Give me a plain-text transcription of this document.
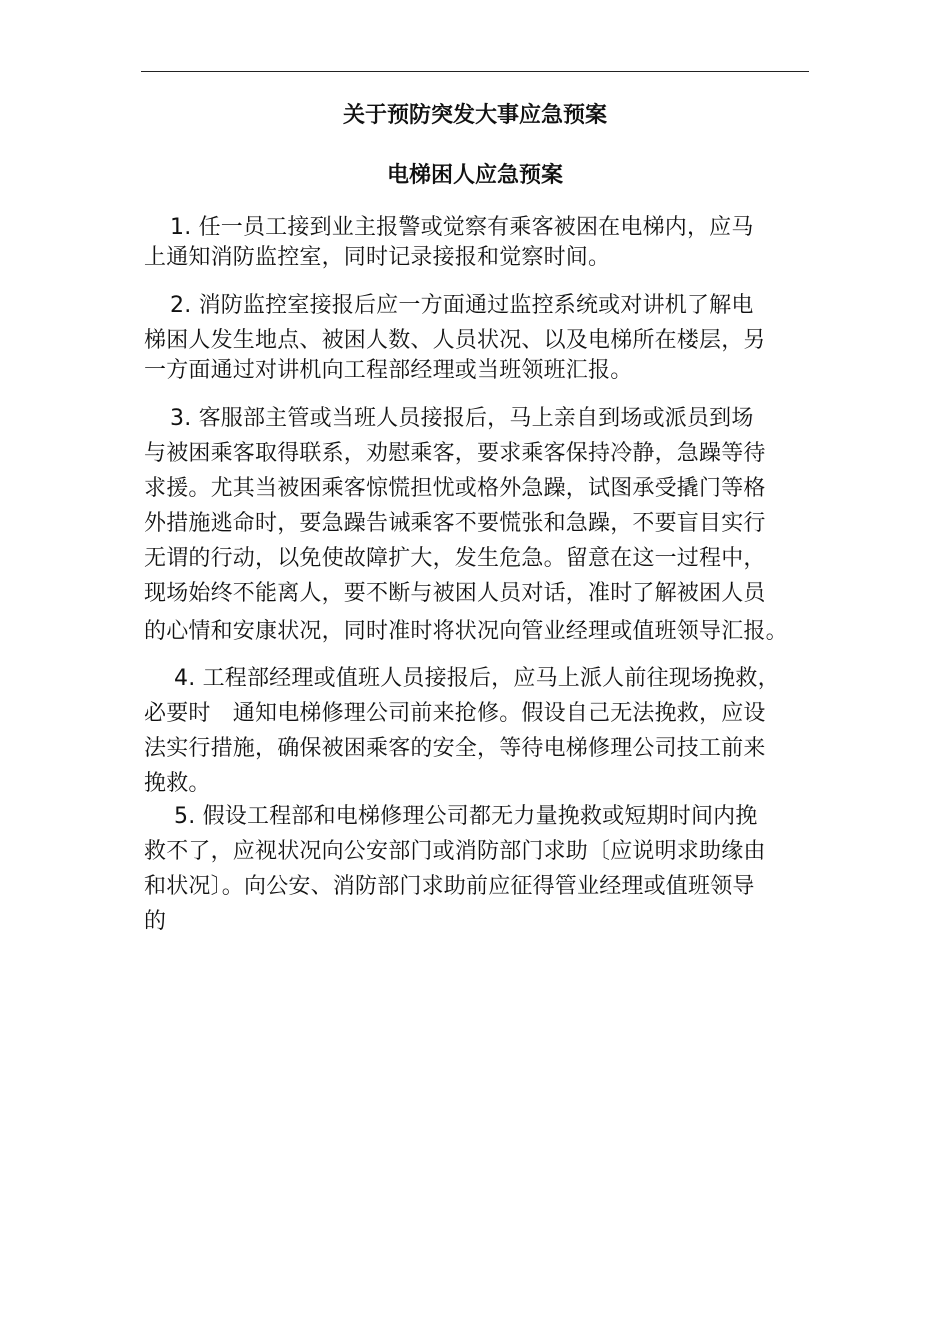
关于预防突发大事应急预案
电梯困人应急预案

1. 任一员工接到业主报警或觉察有乘客被困在电梯内，应马
上通知消防监控室，同时记录接报和觉察时间。

2. 消防监控室接报后应一方面通过监控系统或对讲机了解电
梯困人发生地点、被困人数、人员状况、以及电梯所在楼层，另
一方面通过对讲机向工程部经理或当班领班汇报。

3. 客服部主管或当班人员接报后，马上亲自到场或派员到场
与被困乘客取得联系，劝慰乘客，要求乘客保持冷静，急躁等待
求援。尤其当被困乘客惊慌担忧或格外急躁，试图承受撬门等格
外措施逃命时，要急躁告诫乘客不要慌张和急躁，不要盲目实行
无谓的行动，以免使故障扩大，发生危急。留意在这一过程中，
现场始终不能离人，要不断与被困人员对话，准时了解被困人员
的心情和安康状况，同时准时将状况向管业经理或值班领导汇报。

4. 工程部经理或值班人员接报后，应马上派人前往现场挽救，
必要时　通知电梯修理公司前来抢修。假设自己无法挽救，应设
法实行措施，确保被困乘客的安全，等待电梯修理公司技工前来
挽救。

5. 假设工程部和电梯修理公司都无力量挽救或短期时间内挽
救不了，应视状况向公安部门或消防部门求助〔应说明求助缘由
和状况〕。向公安、消防部门求助前应征得管业经理或值班领导
的
